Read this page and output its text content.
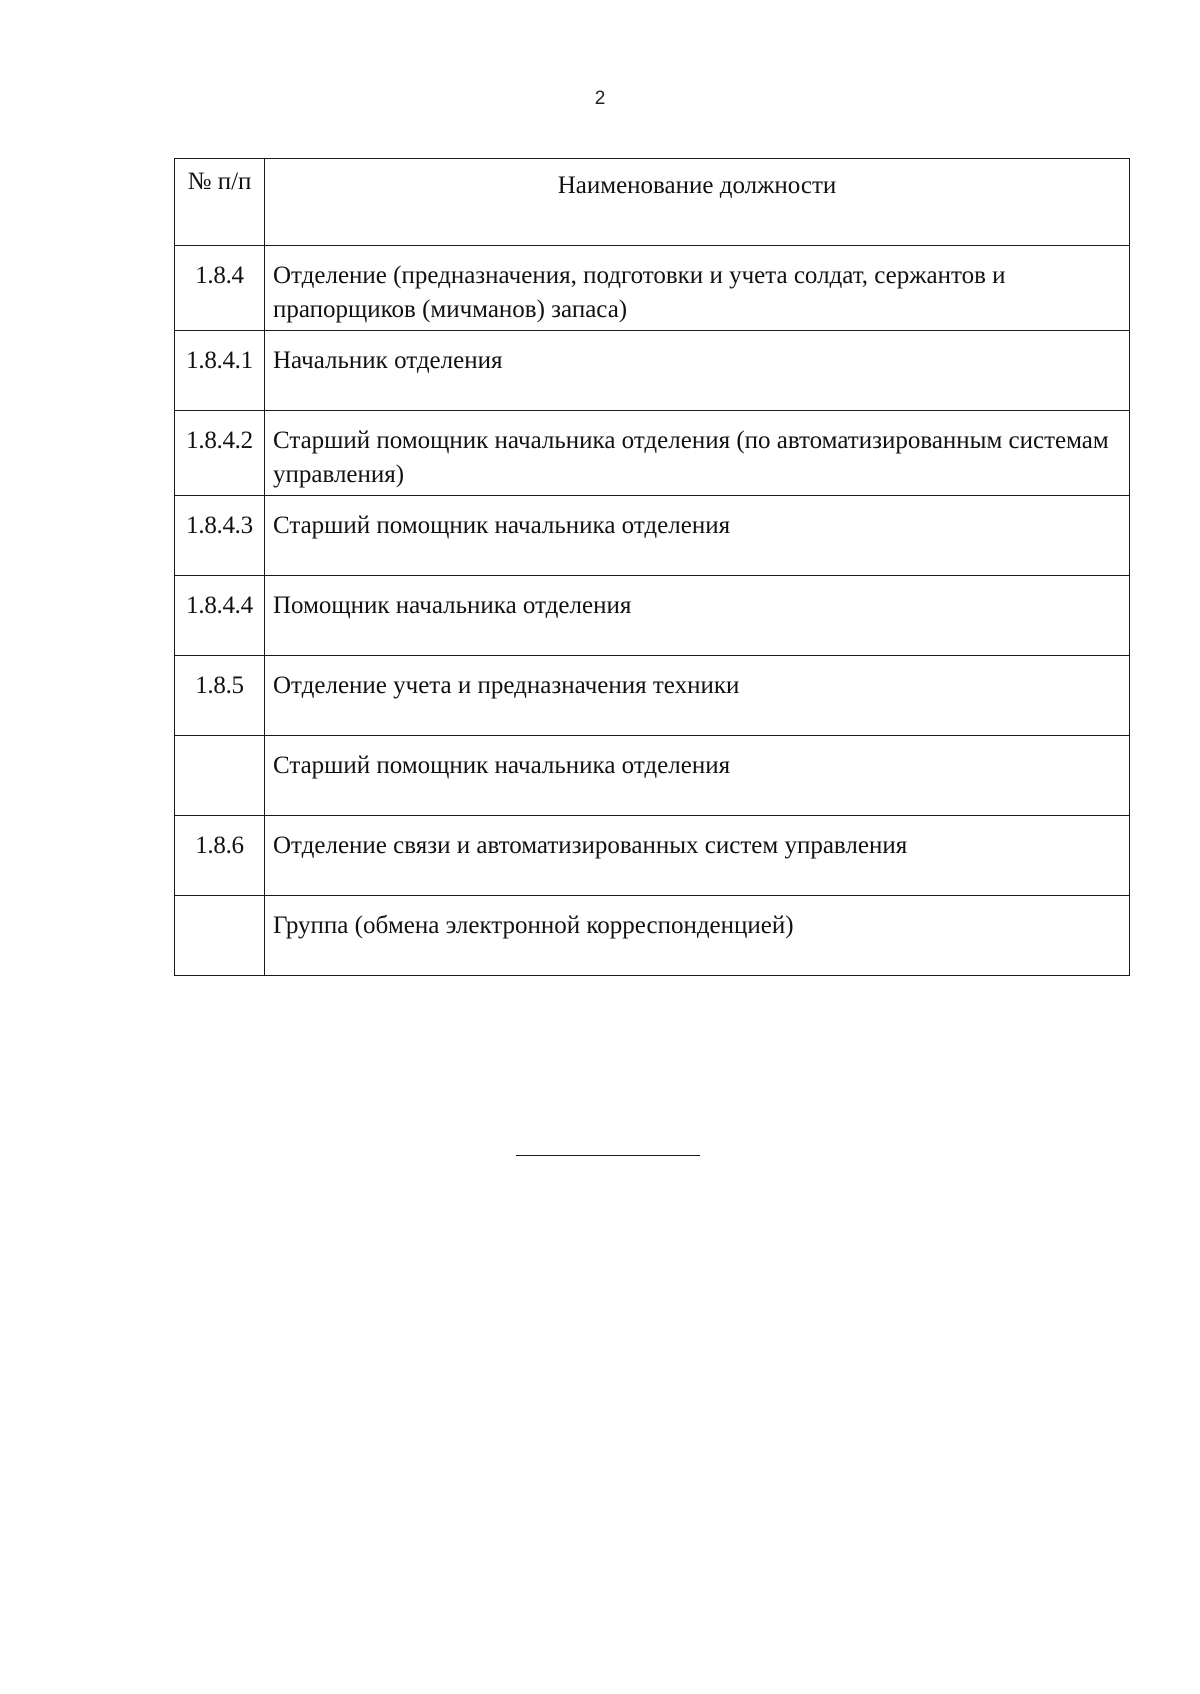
2
№ п/п	Наименование должности
1.8.4	Отделение (предназначения, подготовки и учета солдат, сержантов и прапорщиков (мичманов) запаса)
1.8.4.1	Начальник отделения
1.8.4.2	Старший помощник начальника отделения (по автоматизированным системам управления)
1.8.4.3	Старший помощник начальника отделения
1.8.4.4	Помощник начальника отделения
1.8.5	Отделение учета и предназначения техники
	Старший помощник начальника отделения
1.8.6	Отделение связи и автоматизированных систем управления
	Группа (обмена электронной корреспонденцией)
